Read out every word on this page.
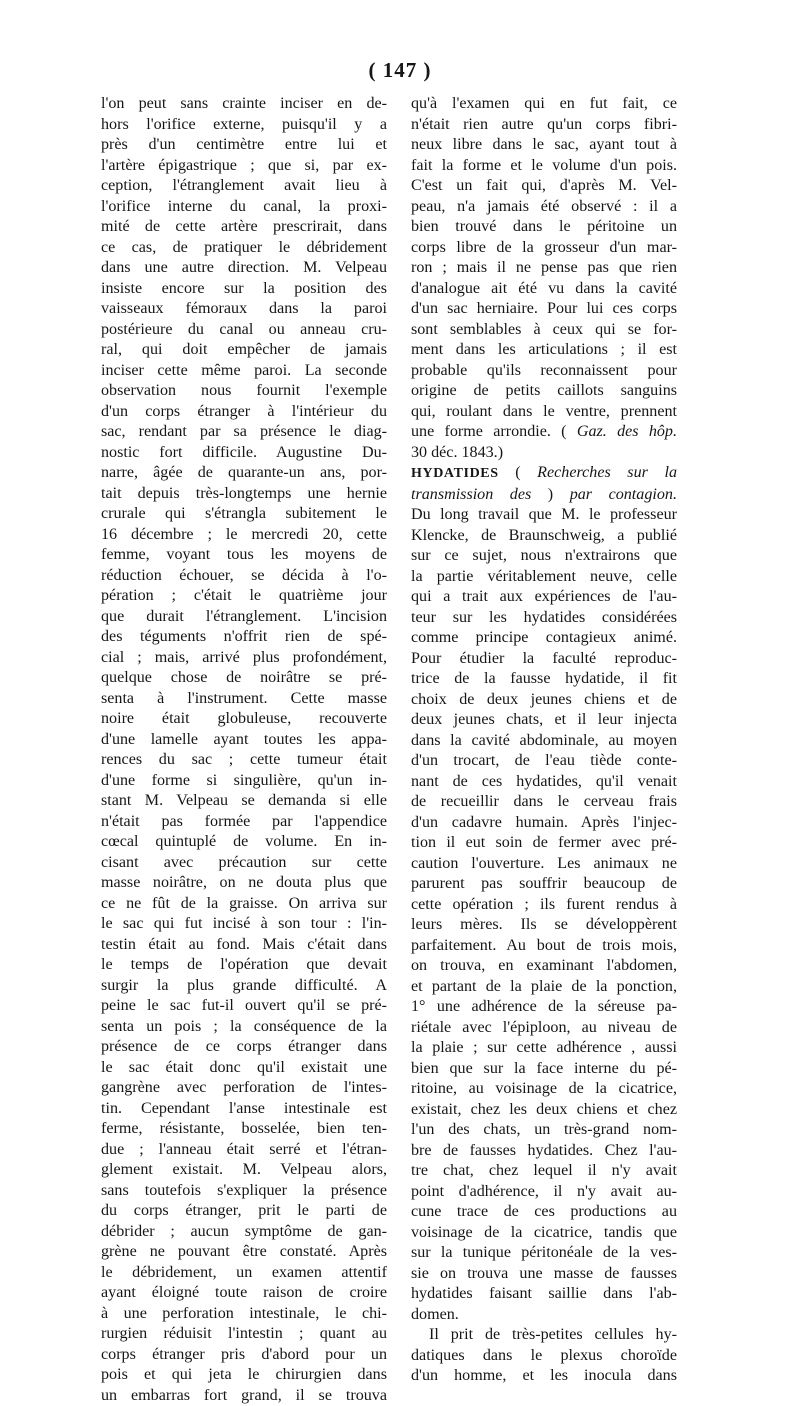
( 147 )
l'on peut sans crainte inciser en de-
hors l'orifice externe, puisqu'il y a
près d'un centimètre entre lui et
l'artère épigastrique ; que si, par ex-
ception, l'étranglement avait lieu à
l'orifice interne du canal, la proxi-
mité de cette artère prescrirait, dans
ce cas, de pratiquer le débridement
dans une autre direction. M. Velpeau
insiste encore sur la position des
vaisseaux fémoraux dans la paroi
postérieure du canal ou anneau cru-
ral, qui doit empêcher de jamais
inciser cette même paroi. La seconde
observation nous fournit l'exemple
d'un corps étranger à l'intérieur du
sac, rendant par sa présence le diag-
nostic fort difficile. Augustine Du-
narre, âgée de quarante-un ans, por-
tait depuis très-longtemps une hernie
crurale qui s'étrangla subitement le
16 décembre ; le mercredi 20, cette
femme, voyant tous les moyens de
réduction échouer, se décida à l'o-
pération ; c'était le quatrième jour
que durait l'étranglement. L'incision
des téguments n'offrit rien de spé-
cial ; mais, arrivé plus profondément,
quelque chose de noirâtre se pré-
senta à l'instrument. Cette masse
noire était globuleuse, recouverte
d'une lamelle ayant toutes les appa-
rences du sac ; cette tumeur était
d'une forme si singulière, qu'un in-
stant M. Velpeau se demanda si elle
n'était pas formée par l'appendice
cœcal quintuplé de volume. En in-
cisant avec précaution sur cette
masse noirâtre, on ne douta plus que
ce ne fût de la graisse. On arriva sur
le sac qui fut incisé à son tour : l'in-
testin était au fond. Mais c'était dans
le temps de l'opération que devait
surgir la plus grande difficulté. A
peine le sac fut-il ouvert qu'il se pré-
senta un pois ; la conséquence de la
présence de ce corps étranger dans
le sac était donc qu'il existait une
gangrène avec perforation de l'intes-
tin. Cependant l'anse intestinale est
ferme, résistante, bosselée, bien ten-
due ; l'anneau était serré et l'étran-
glement existait. M. Velpeau alors,
sans toutefois s'expliquer la présence
du corps étranger, prit le parti de
débrider ; aucun symptôme de gan-
grène ne pouvant être constaté. Après
le débridement, un examen attentif
ayant éloigné toute raison de croire
à une perforation intestinale, le chi-
rurgien réduisit l'intestin ; quant au
corps étranger pris d'abord pour un
pois et qui jeta le chirurgien dans
un embarras fort grand, il se trouva
qu'à l'examen qui en fut fait, ce
n'était rien autre qu'un corps fibri-
neux libre dans le sac, ayant tout à
fait la forme et le volume d'un pois.
C'est un fait qui, d'après M. Vel-
peau, n'a jamais été observé : il a
bien trouvé dans le péritoine un
corps libre de la grosseur d'un mar-
ron ; mais il ne pense pas que rien
d'analogue ait été vu dans la cavité
d'un sac herniaire. Pour lui ces corps
sont semblables à ceux qui se for-
ment dans les articulations ; il est
probable qu'ils reconnaissent pour
origine de petits caillots sanguins
qui, roulant dans le ventre, prennent
une forme arrondie. ( Gaz. des hôp.
30 déc. 1843.)
HYDATIDES ( Recherches sur la
transmission des ) par contagion.
Du long travail que M. le professeur
Klencke, de Braunschweig, a publié
sur ce sujet, nous n'extrairons que
la partie véritablement neuve, celle
qui a trait aux expériences de l'au-
teur sur les hydatides considérées
comme principe contagieux animé.
Pour étudier la faculté reproduc-
trice de la fausse hydatide, il fit
choix de deux jeunes chiens et de
deux jeunes chats, et il leur injecta
dans la cavité abdominale, au moyen
d'un trocart, de l'eau tiède conte-
nant de ces hydatides, qu'il venait
de recueillir dans le cerveau frais
d'un cadavre humain. Après l'injec-
tion il eut soin de fermer avec pré-
caution l'ouverture. Les animaux ne
parurent pas souffrir beaucoup de
cette opération ; ils furent rendus à
leurs mères. Ils se développèrent
parfaitement. Au bout de trois mois,
on trouva, en examinant l'abdomen,
et partant de la plaie de la ponction,
1° une adhérence de la séreuse pa-
riétale avec l'épiploon, au niveau de
la plaie ; sur cette adhérence , aussi
bien que sur la face interne du pé-
ritoine, au voisinage de la cicatrice,
existait, chez les deux chiens et chez
l'un des chats, un très-grand nom-
bre de fausses hydatides. Chez l'au-
tre chat, chez lequel il n'y avait
point d'adhérence, il n'y avait au-
cune trace de ces productions au
voisinage de la cicatrice, tandis que
sur la tunique péritonéale de la ves-
sie on trouva une masse de fausses
hydatides faisant saillie dans l'ab-
domen.
Il prit de très-petites cellules hy-
datiques dans le plexus choroïde
d'un homme, et les inocula dans
